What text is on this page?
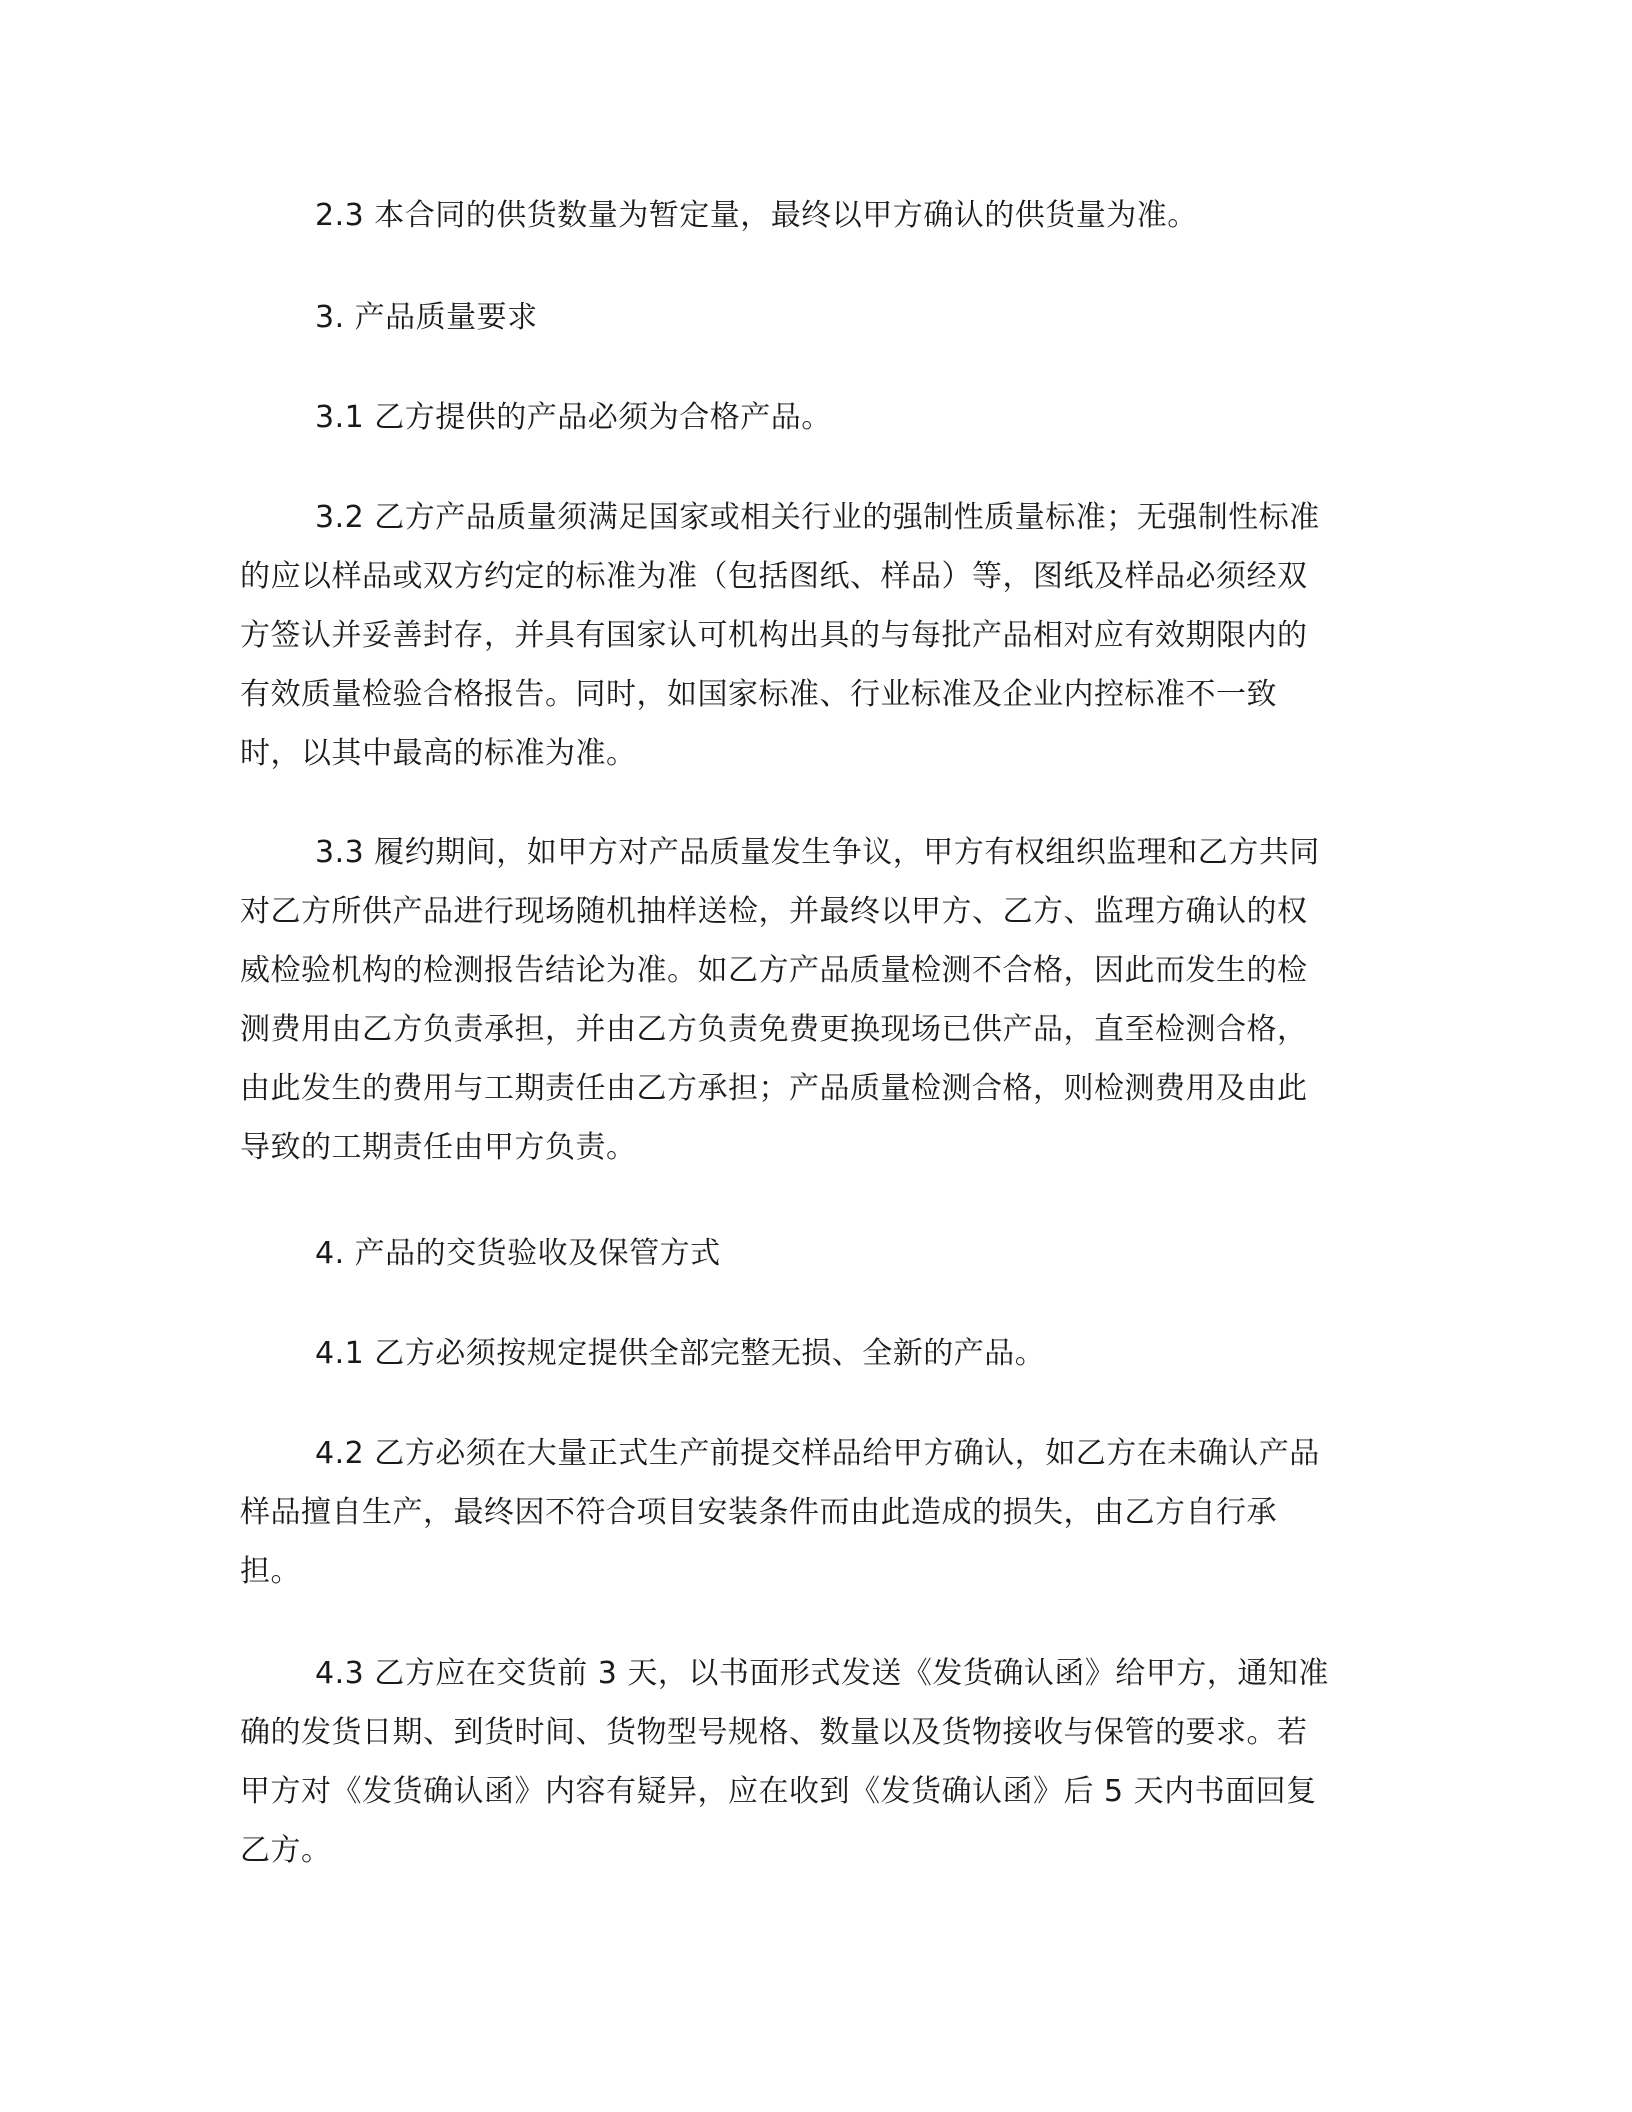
2.3 本合同的供货数量为暂定量，最终以甲方确认的供货量为准。
3. 产品质量要求
3.1 乙方提供的产品必须为合格产品。
3.2 乙方产品质量须满足国家或相关行业的强制性质量标准；无强制性标准
的应以样品或双方约定的标准为准（包括图纸、样品）等，图纸及样品必须经双
方签认并妥善封存，并具有国家认可机构出具的与每批产品相对应有效期限内的
有效质量检验合格报告。同时，如国家标准、行业标准及企业内控标准不一致
时，以其中最高的标准为准。
3.3 履约期间，如甲方对产品质量发生争议，甲方有权组织监理和乙方共同
对乙方所供产品进行现场随机抽样送检，并最终以甲方、乙方、监理方确认的权
威检验机构的检测报告结论为准。如乙方产品质量检测不合格，因此而发生的检
测费用由乙方负责承担，并由乙方负责免费更换现场已供产品，直至检测合格，
由此发生的费用与工期责任由乙方承担；产品质量检测合格，则检测费用及由此
导致的工期责任由甲方负责。
4. 产品的交货验收及保管方式
4.1 乙方必须按规定提供全部完整无损、全新的产品。
4.2 乙方必须在大量正式生产前提交样品给甲方确认，如乙方在未确认产品
样品擅自生产，最终因不符合项目安装条件而由此造成的损失，由乙方自行承
担。
4.3 乙方应在交货前 3 天，以书面形式发送《发货确认函》给甲方，通知准
确的发货日期、到货时间、货物型号规格、数量以及货物接收与保管的要求。若
甲方对《发货确认函》内容有疑异，应在收到《发货确认函》后 5 天内书面回复
乙方。
